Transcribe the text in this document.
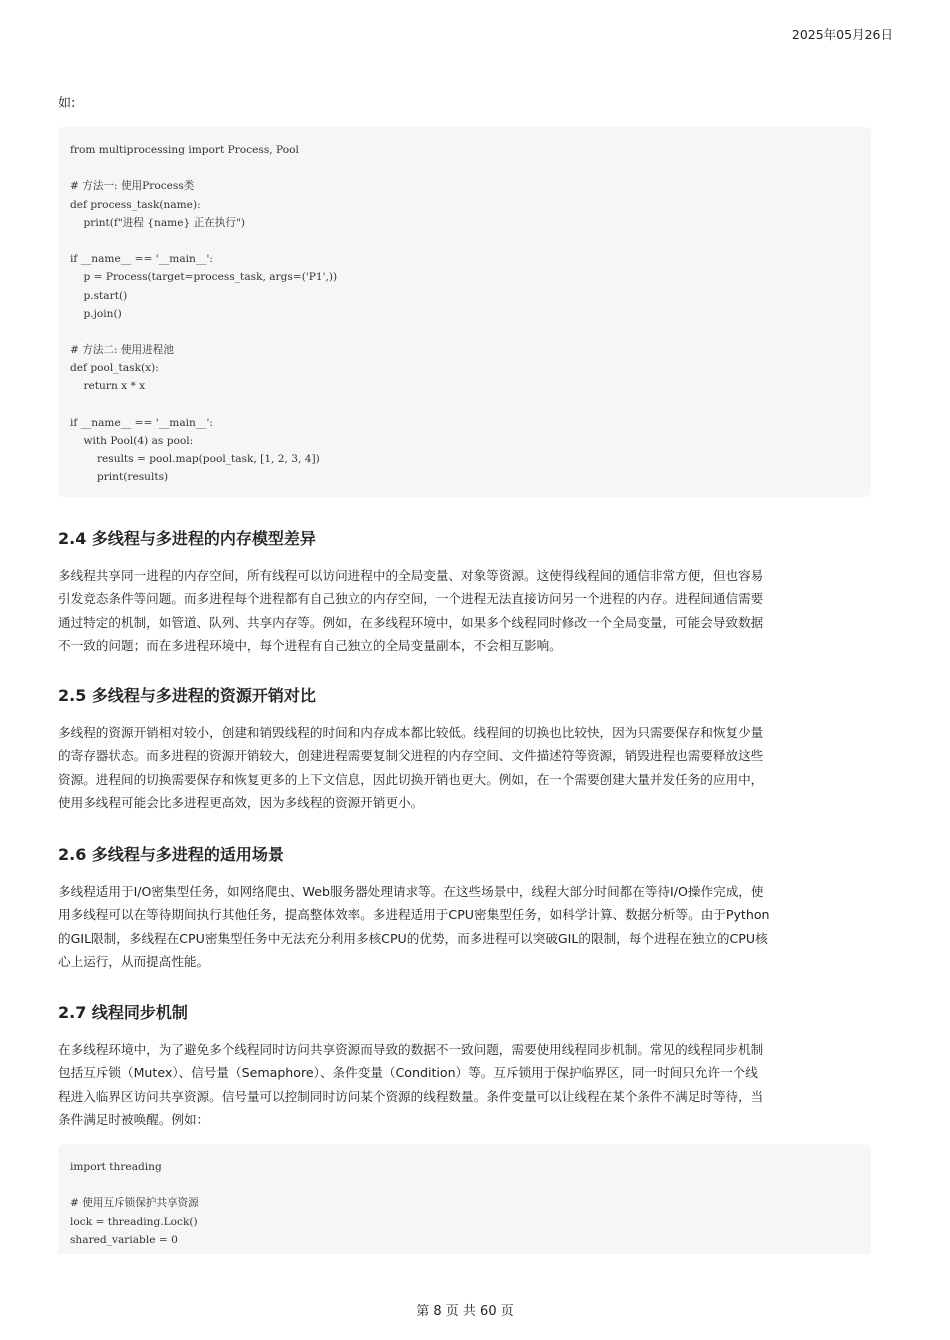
2025年05月26日
如:
from multiprocessing import Process, Pool
# 方法一: 使用Process类
def process_task(name):
print(f"进程 {name} 正在执行")
if __name__ == '__main__':
p = Process(target=process_task, args=('P1',))
p.start()
p.join()
# 方法二: 使用进程池
def pool_task(x):
return x * x
if __name__ == '__main__':
with Pool(4) as pool:
results = pool.map(pool_task, [1, 2, 3, 4])
print(results)
2.4 多线程与多进程的内存模型差异
多线程共享同一进程的内存空间，所有线程可以访问进程中的全局变量、对象等资源。这使得线程间的通信非常方便，但也容易
引发竞态条件等问题。而多进程每个进程都有自己独立的内存空间，一个进程无法直接访问另一个进程的内存。进程间通信需要
通过特定的机制，如管道、队列、共享内存等。例如，在多线程环境中，如果多个线程同时修改一个全局变量，可能会导致数据
不一致的问题；而在多进程环境中，每个进程有自己独立的全局变量副本，不会相互影响。
2.5 多线程与多进程的资源开销对比
多线程的资源开销相对较小，创建和销毁线程的时间和内存成本都比较低。线程间的切换也比较快，因为只需要保存和恢复少量
的寄存器状态。而多进程的资源开销较大，创建进程需要复制父进程的内存空间、文件描述符等资源，销毁进程也需要释放这些
资源。进程间的切换需要保存和恢复更多的上下文信息，因此切换开销也更大。例如，在一个需要创建大量并发任务的应用中，
使用多线程可能会比多进程更高效，因为多线程的资源开销更小。
2.6 多线程与多进程的适用场景
多线程适用于I/O密集型任务，如网络爬虫、Web服务器处理请求等。在这些场景中，线程大部分时间都在等待I/O操作完成，使
用多线程可以在等待期间执行其他任务，提高整体效率。多进程适用于CPU密集型任务，如科学计算、数据分析等。由于Python
的GIL限制，多线程在CPU密集型任务中无法充分利用多核CPU的优势，而多进程可以突破GIL的限制，每个进程在独立的CPU核
心上运行，从而提高性能。
2.7 线程同步机制
在多线程环境中，为了避免多个线程同时访问共享资源而导致的数据不一致问题，需要使用线程同步机制。常见的线程同步机制
包括互斥锁（Mutex）、信号量（Semaphore）、条件变量（Condition）等。互斥锁用于保护临界区，同一时间只允许一个线
程进入临界区访问共享资源。信号量可以控制同时访问某个资源的线程数量。条件变量可以让线程在某个条件不满足时等待，当
条件满足时被唤醒。例如：
import threading
# 使用互斥锁保护共享资源
lock = threading.Lock()
shared_variable = 0
第 8 页 共 60 页
